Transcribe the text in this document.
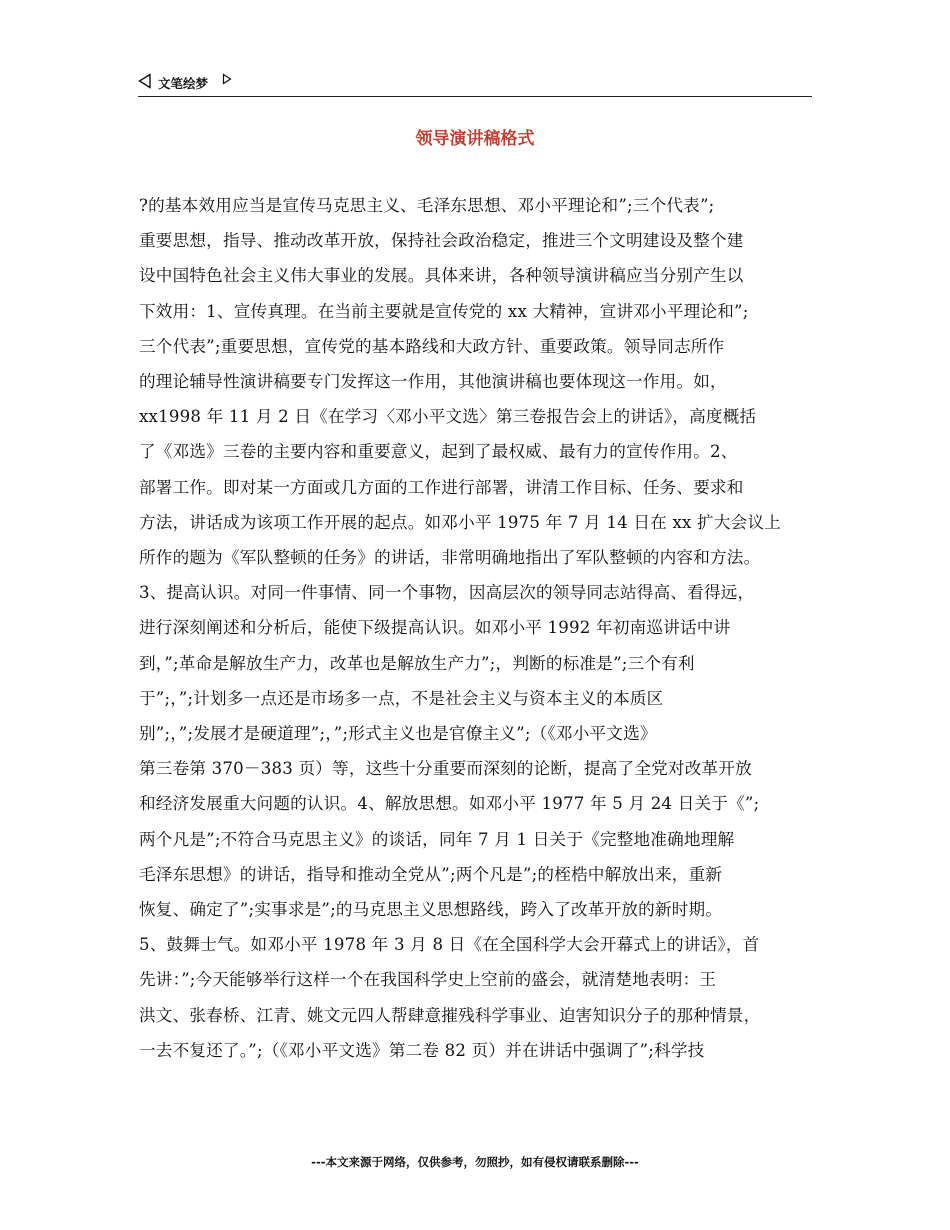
文笔绘梦
领导演讲稿格式
?的基本效用应当是宣传马克思主义、毛泽东思想、邓小平理论和”;三个代表”;
重要思想，指导、推动改革开放，保持社会政治稳定，推进三个文明建设及整个建
设中国特色社会主义伟大事业的发展。具体来讲，各种领导演讲稿应当分别产生以
下效用：1、宣传真理。在当前主要就是宣传党的 xx 大精神，宣讲邓小平理论和”;
三个代表”;重要思想，宣传党的基本路线和大政方针、重要政策。领导同志所作
的理论辅导性演讲稿要专门发挥这一作用，其他演讲稿也要体现这一作用。如，
xx1998 年 11 月 2 日《在学习〈邓小平文选〉第三卷报告会上的讲话》，高度概括
了《邓选》三卷的主要内容和重要意义，起到了最权威、最有力的宣传作用。2、
部署工作。即对某一方面或几方面的工作进行部署，讲清工作目标、任务、要求和
方法，讲话成为该项工作开展的起点。如邓小平 1975 年 7 月 14 日在 xx 扩大会议上
所作的题为《军队整顿的任务》的讲话，非常明确地指出了军队整顿的内容和方法。
3、提高认识。对同一件事情、同一个事物，因高层次的领导同志站得高、看得远，
进行深刻阐述和分析后，能使下级提高认识。如邓小平 1992 年初南巡讲话中讲
到，”;革命是解放生产力，改革也是解放生产力”;，判断的标准是”;三个有利
于”;，”;计划多一点还是市场多一点，不是社会主义与资本主义的本质区
别”;，”;发展才是硬道理”;，”;形式主义也是官僚主义”;（《邓小平文选》
第三卷第 370－383 页）等，这些十分重要而深刻的论断，提高了全党对改革开放
和经济发展重大问题的认识。4、解放思想。如邓小平 1977 年 5 月 24 日关于《”;
两个凡是”;不符合马克思主义》的谈话，同年 7 月 1 日关于《完整地准确地理解
毛泽东思想》的讲话，指导和推动全党从”;两个凡是”;的桎梏中解放出来，重新
恢复、确定了”;实事求是”;的马克思主义思想路线，跨入了改革开放的新时期。
5、鼓舞士气。如邓小平 1978 年 3 月 8 日《在全国科学大会开幕式上的讲话》，首
先讲：”;今天能够举行这样一个在我国科学史上空前的盛会，就清楚地表明：王
洪文、张春桥、江青、姚文元四人帮肆意摧残科学事业、迫害知识分子的那种情景，
一去不复还了。”;（《邓小平文选》第二卷 82 页）并在讲话中强调了”;科学技
---本文来源于网络，仅供参考，勿照抄，如有侵权请联系删除---
